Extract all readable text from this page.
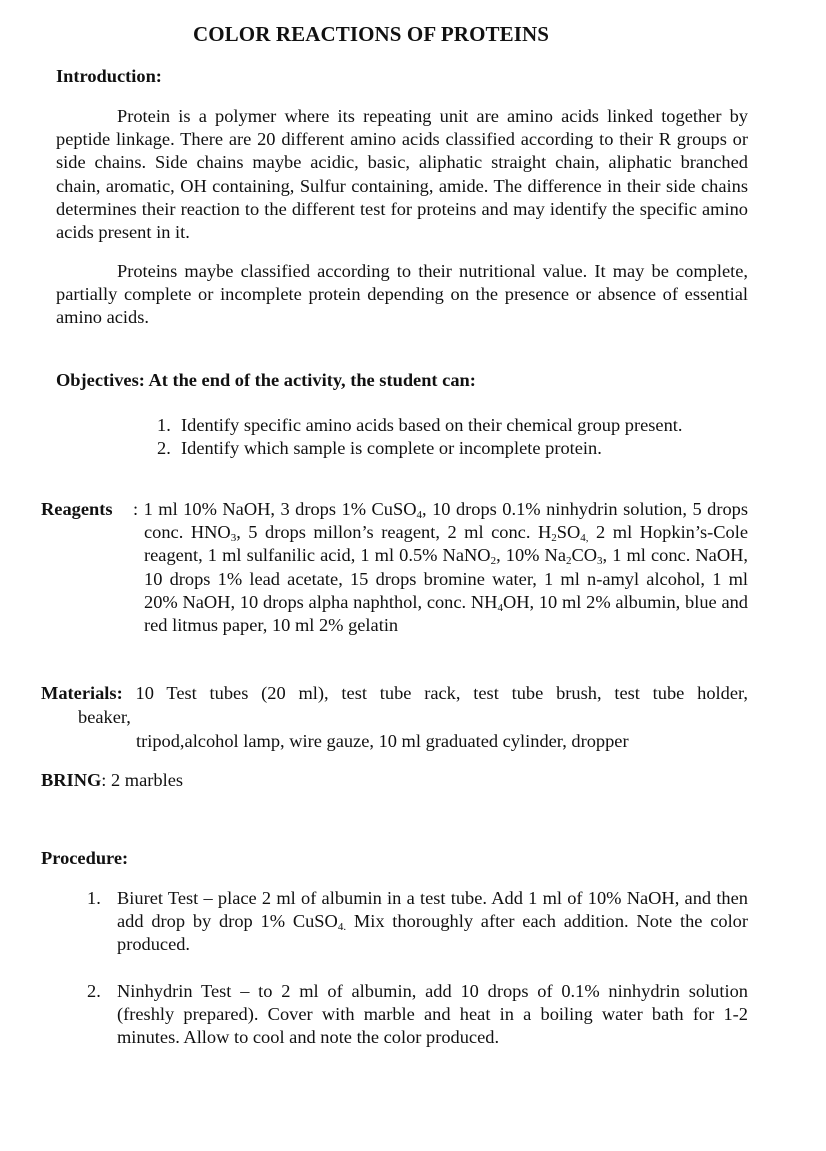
COLOR REACTIONS OF PROTEINS
Introduction:
Protein is a polymer where its repeating unit are amino acids linked together by peptide linkage. There are 20 different amino acids classified according to their R groups or side chains. Side chains maybe acidic, basic, aliphatic straight chain, aliphatic branched chain, aromatic, OH containing, Sulfur containing, amide. The difference in their side chains determines their reaction to the different test for proteins and may identify the specific amino acids present in it.
Proteins maybe classified according to their nutritional value. It may be complete, partially complete or incomplete protein depending on the presence or absence of essential amino acids.
Objectives: At the end of the activity, the student can:
1. Identify specific amino acids based on their chemical group present.
2. Identify which sample is complete or incomplete protein.
Reagents	: 1 ml 10% NaOH, 3 drops 1% CuSO$_4$, 10 drops 0.1% ninhydrin solution, 5 drops conc. $HNO_3$, 5 drops millon’s reagent, 2 ml conc. $H_2SO_{4,}$ 2 ml Hopkin’s-Cole reagent, 1 ml sulfanilic acid, 1 ml 0.5% NaNO$_2$, 10% $Na_2CO_3$, 1 ml conc. NaOH, 10 drops 1% lead acetate, 15 drops bromine water, 1 ml n-amyl alcohol, 1 ml 20% NaOH, 10 drops alpha naphthol, conc. $NH_4OH$, 10 ml 2% albumin, blue and red litmus paper, 10 ml 2% gelatin
Materials: 10 Test tubes (20 ml), test tube rack, test tube brush, test tube holder,
beaker,
tripod,alcohol lamp, wire gauze, 10 ml graduated cylinder, dropper
BRING: 2 marbles
Procedure:
1. Biuret Test – place 2 ml of albumin in a test tube. Add 1 ml of 10% NaOH, and then add drop by drop 1% CuSO$_{4.}$ Mix thoroughly after each addition. Note the color produced.
2. Ninhydrin Test – to 2 ml of albumin, add 10 drops of 0.1% ninhydrin solution (freshly prepared). Cover with marble and heat in a boiling water bath for 1-2 minutes. Allow to cool and note the color produced.
